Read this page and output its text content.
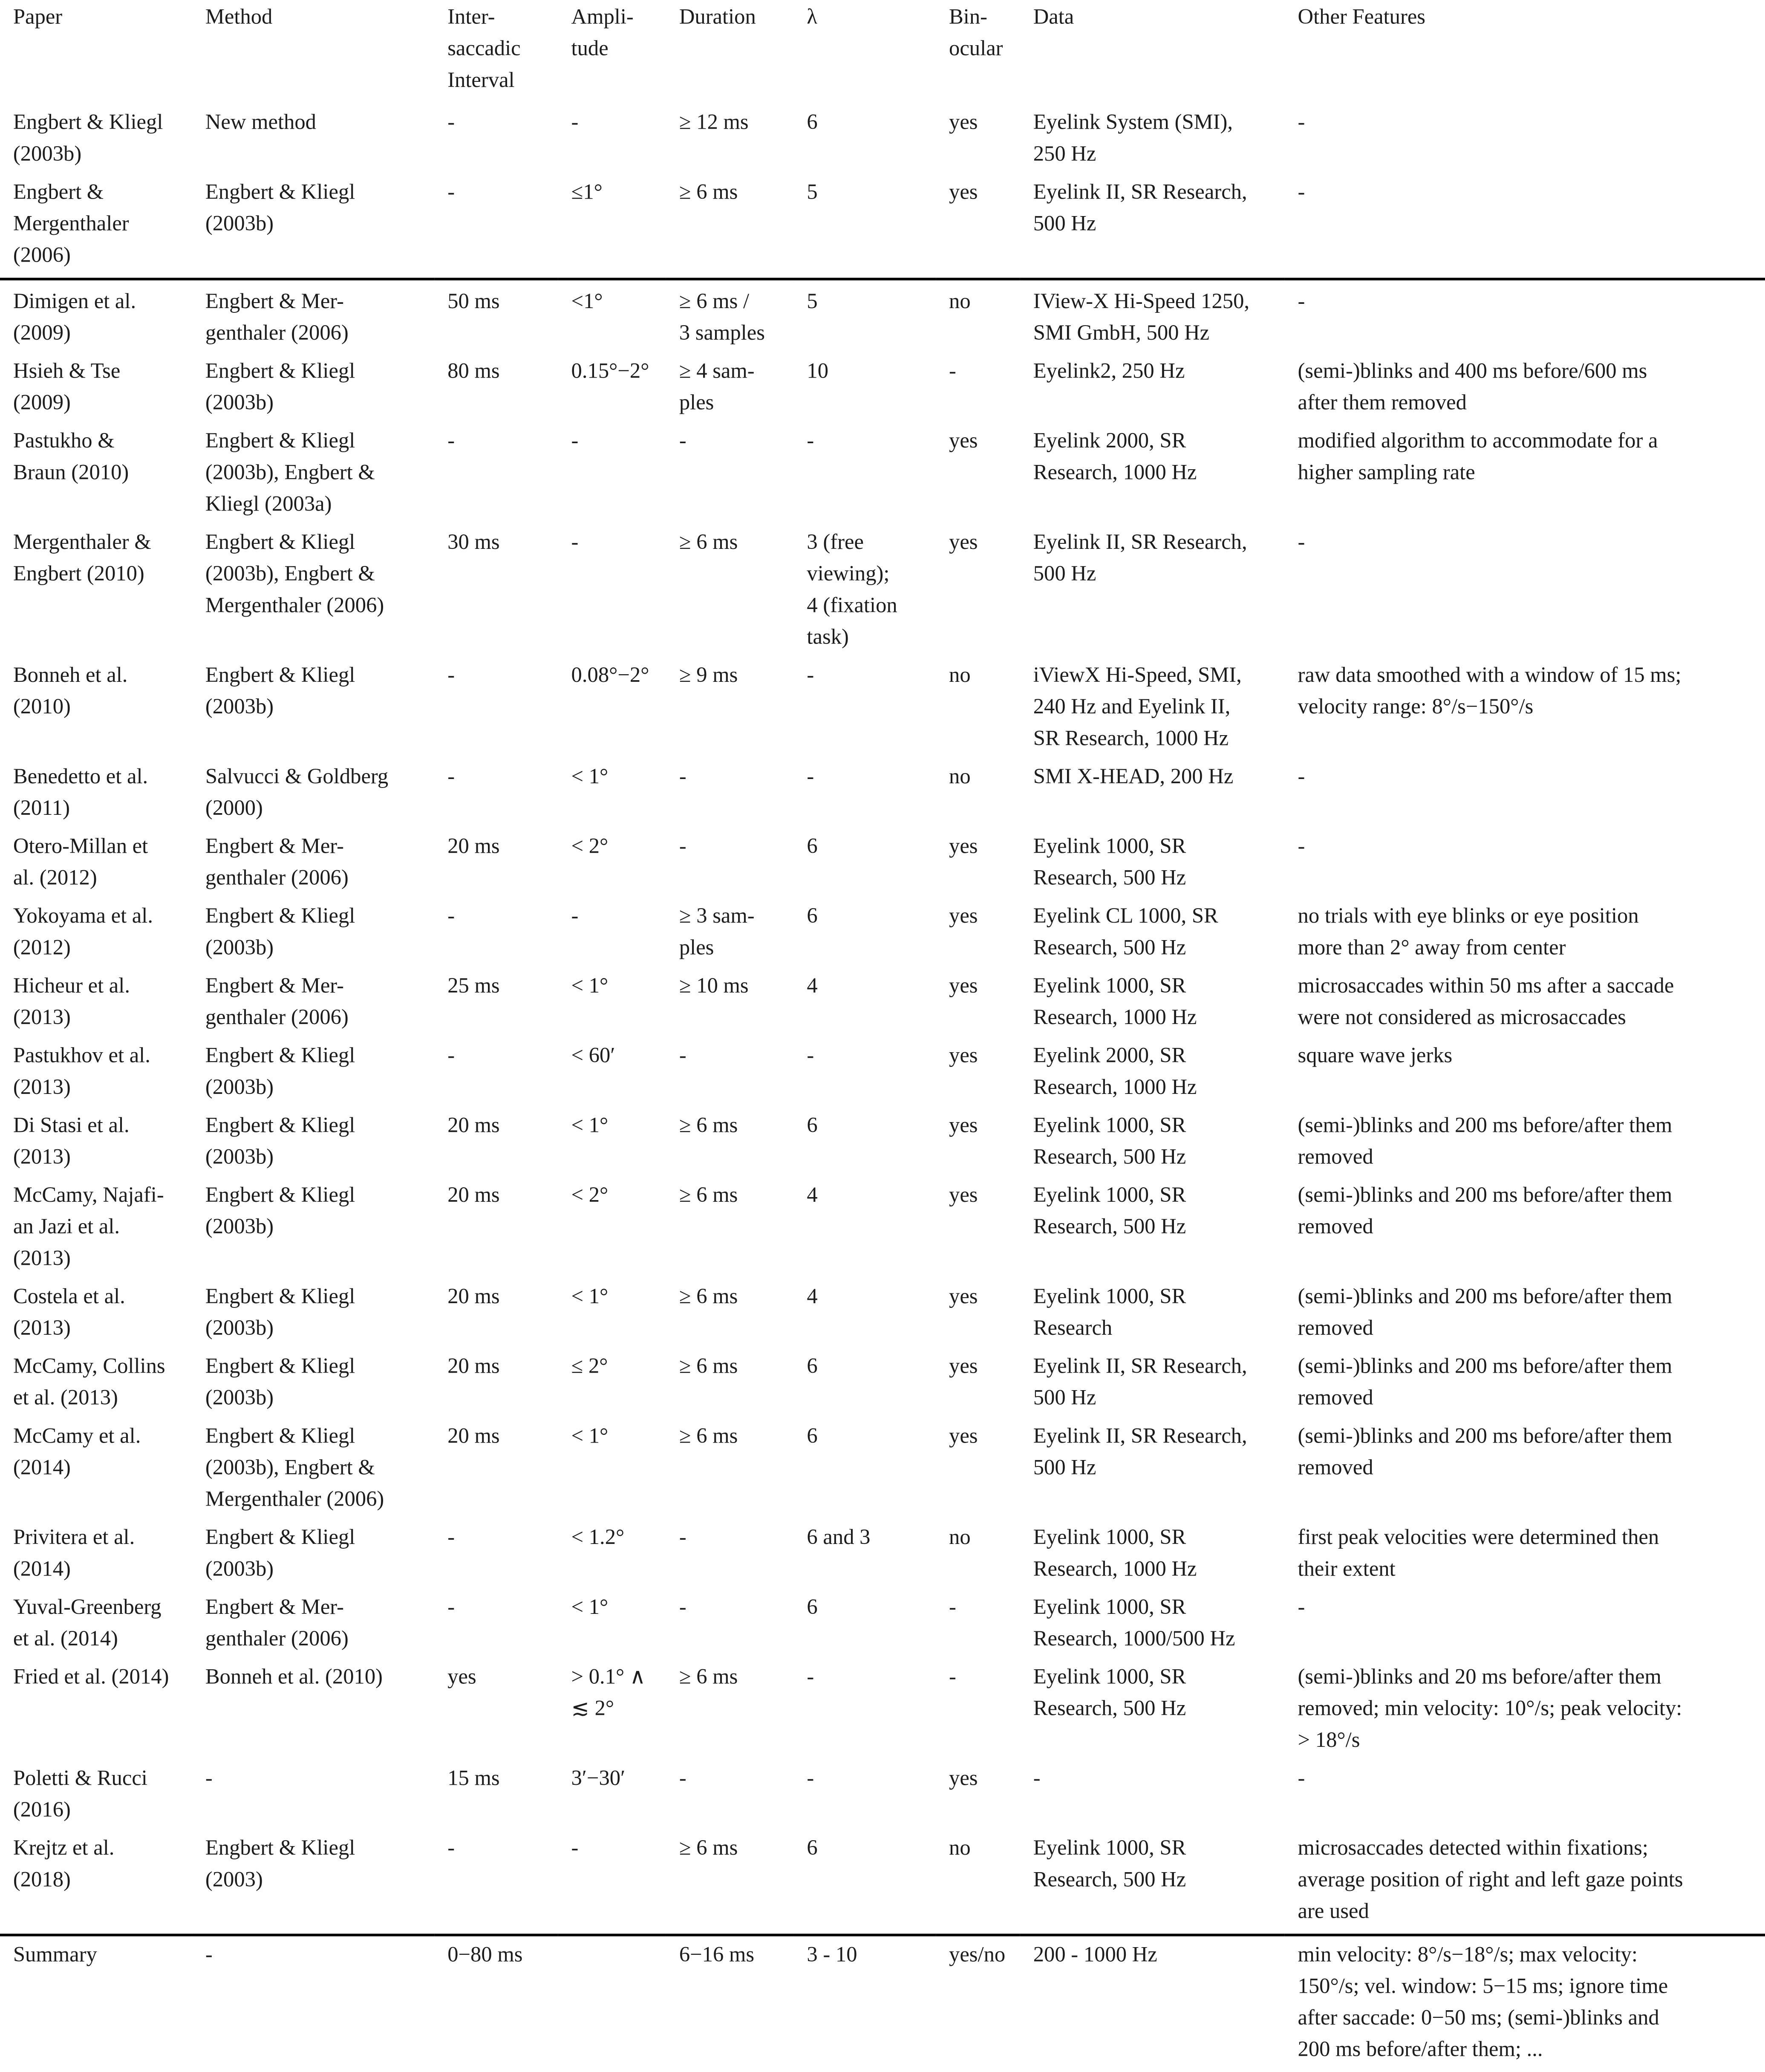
Paper	Method	Inter-
saccadic
Interval	Ampli-
tude	Duration	λ	Bin-
ocular	Data	Other Features
Engbert & Kliegl
(2003b)	New method	-	-	≥ 12 ms	6	yes	Eyelink System (SMI),
250 Hz	-
Engbert &
Mergenthaler
(2006)	Engbert & Kliegl
(2003b)	-	≤1°	≥ 6 ms	5	yes	Eyelink II, SR Research,
500 Hz	-
Dimigen et al.
(2009)	Engbert & Mer-
genthaler (2006)	50 ms	<1°	≥ 6 ms /
3 samples	5	no	IView-X Hi-Speed 1250,
SMI GmbH, 500 Hz	-
Hsieh & Tse
(2009)	Engbert & Kliegl
(2003b)	80 ms	0.15°−2°	≥ 4 sam-
ples	10	-	Eyelink2, 250 Hz	(semi-)blinks and 400 ms before/600 ms
after them removed
Pastukho &
Braun (2010)	Engbert & Kliegl
(2003b), Engbert &
Kliegl (2003a)	-	-	-	-	yes	Eyelink 2000, SR
Research, 1000 Hz	modified algorithm to accommodate for a
higher sampling rate
Mergenthaler &
Engbert (2010)	Engbert & Kliegl
(2003b), Engbert &
Mergenthaler (2006)	30 ms	-	≥ 6 ms	3 (free
viewing);
4 (fixation
task)	yes	Eyelink II, SR Research,
500 Hz	-
Bonneh et al.
(2010)	Engbert & Kliegl
(2003b)	-	0.08°−2°	≥ 9 ms	-	no	iViewX Hi-Speed, SMI,
240 Hz and Eyelink II,
SR Research, 1000 Hz	raw data smoothed with a window of 15 ms;
velocity range: 8°/s−150°/s
Benedetto et al.
(2011)	Salvucci & Goldberg
(2000)	-	< 1°	-	-	no	SMI X-HEAD, 200 Hz	-
Otero-Millan et
al. (2012)	Engbert & Mer-
genthaler (2006)	20 ms	< 2°	-	6	yes	Eyelink 1000, SR
Research, 500 Hz	-
Yokoyama et al.
(2012)	Engbert & Kliegl
(2003b)	-	-	≥ 3 sam-
ples	6	yes	Eyelink CL 1000, SR
Research, 500 Hz	no trials with eye blinks or eye position
more than 2° away from center
Hicheur et al.
(2013)	Engbert & Mer-
genthaler (2006)	25 ms	< 1°	≥ 10 ms	4	yes	Eyelink 1000, SR
Research, 1000 Hz	microsaccades within 50 ms after a saccade
were not considered as microsaccades
Pastukhov et al.
(2013)	Engbert & Kliegl
(2003b)	-	< 60′	-	-	yes	Eyelink 2000, SR
Research, 1000 Hz	square wave jerks
Di Stasi et al.
(2013)	Engbert & Kliegl
(2003b)	20 ms	< 1°	≥ 6 ms	6	yes	Eyelink 1000, SR
Research, 500 Hz	(semi-)blinks and 200 ms before/after them
removed
McCamy, Najafi-
an Jazi et al.
(2013)	Engbert & Kliegl
(2003b)	20 ms	< 2°	≥ 6 ms	4	yes	Eyelink 1000, SR
Research, 500 Hz	(semi-)blinks and 200 ms before/after them
removed
Costela et al.
(2013)	Engbert & Kliegl
(2003b)	20 ms	< 1°	≥ 6 ms	4	yes	Eyelink 1000, SR
Research	(semi-)blinks and 200 ms before/after them
removed
McCamy, Collins
et al. (2013)	Engbert & Kliegl
(2003b)	20 ms	≤ 2°	≥ 6 ms	6	yes	Eyelink II, SR Research,
500 Hz	(semi-)blinks and 200 ms before/after them
removed
McCamy et al.
(2014)	Engbert & Kliegl
(2003b), Engbert &
Mergenthaler (2006)	20 ms	< 1°	≥ 6 ms	6	yes	Eyelink II, SR Research,
500 Hz	(semi-)blinks and 200 ms before/after them
removed
Privitera et al.
(2014)	Engbert & Kliegl
(2003b)	-	< 1.2°	-	6 and 3	no	Eyelink 1000, SR
Research, 1000 Hz	first peak velocities were determined then
their extent
Yuval-Greenberg
et al. (2014)	Engbert & Mer-
genthaler (2006)	-	< 1°	-	6	-	Eyelink 1000, SR
Research, 1000/500 Hz	-
Fried et al. (2014)	Bonneh et al. (2010)	yes	> 0.1° ∧
≲ 2°	≥ 6 ms	-	-	Eyelink 1000, SR
Research, 500 Hz	(semi-)blinks and 20 ms before/after them
removed; min velocity: 10°/s; peak velocity:
> 18°/s
Poletti & Rucci
(2016)	-	15 ms	3′−30′	-	-	yes	-	-
Krejtz et al.
(2018)	Engbert & Kliegl
(2003)	-	-	≥ 6 ms	6	no	Eyelink 1000, SR
Research, 500 Hz	microsaccades detected within fixations;
average position of right and left gaze points
are used
Summary	-	0−80 ms		6−16 ms	3 - 10	yes/no	200 - 1000 Hz	min velocity: 8°/s−18°/s; max velocity:
150°/s; vel. window: 5−15 ms; ignore time
after saccade: 0−50 ms; (semi-)blinks and
200 ms before/after them; ...
